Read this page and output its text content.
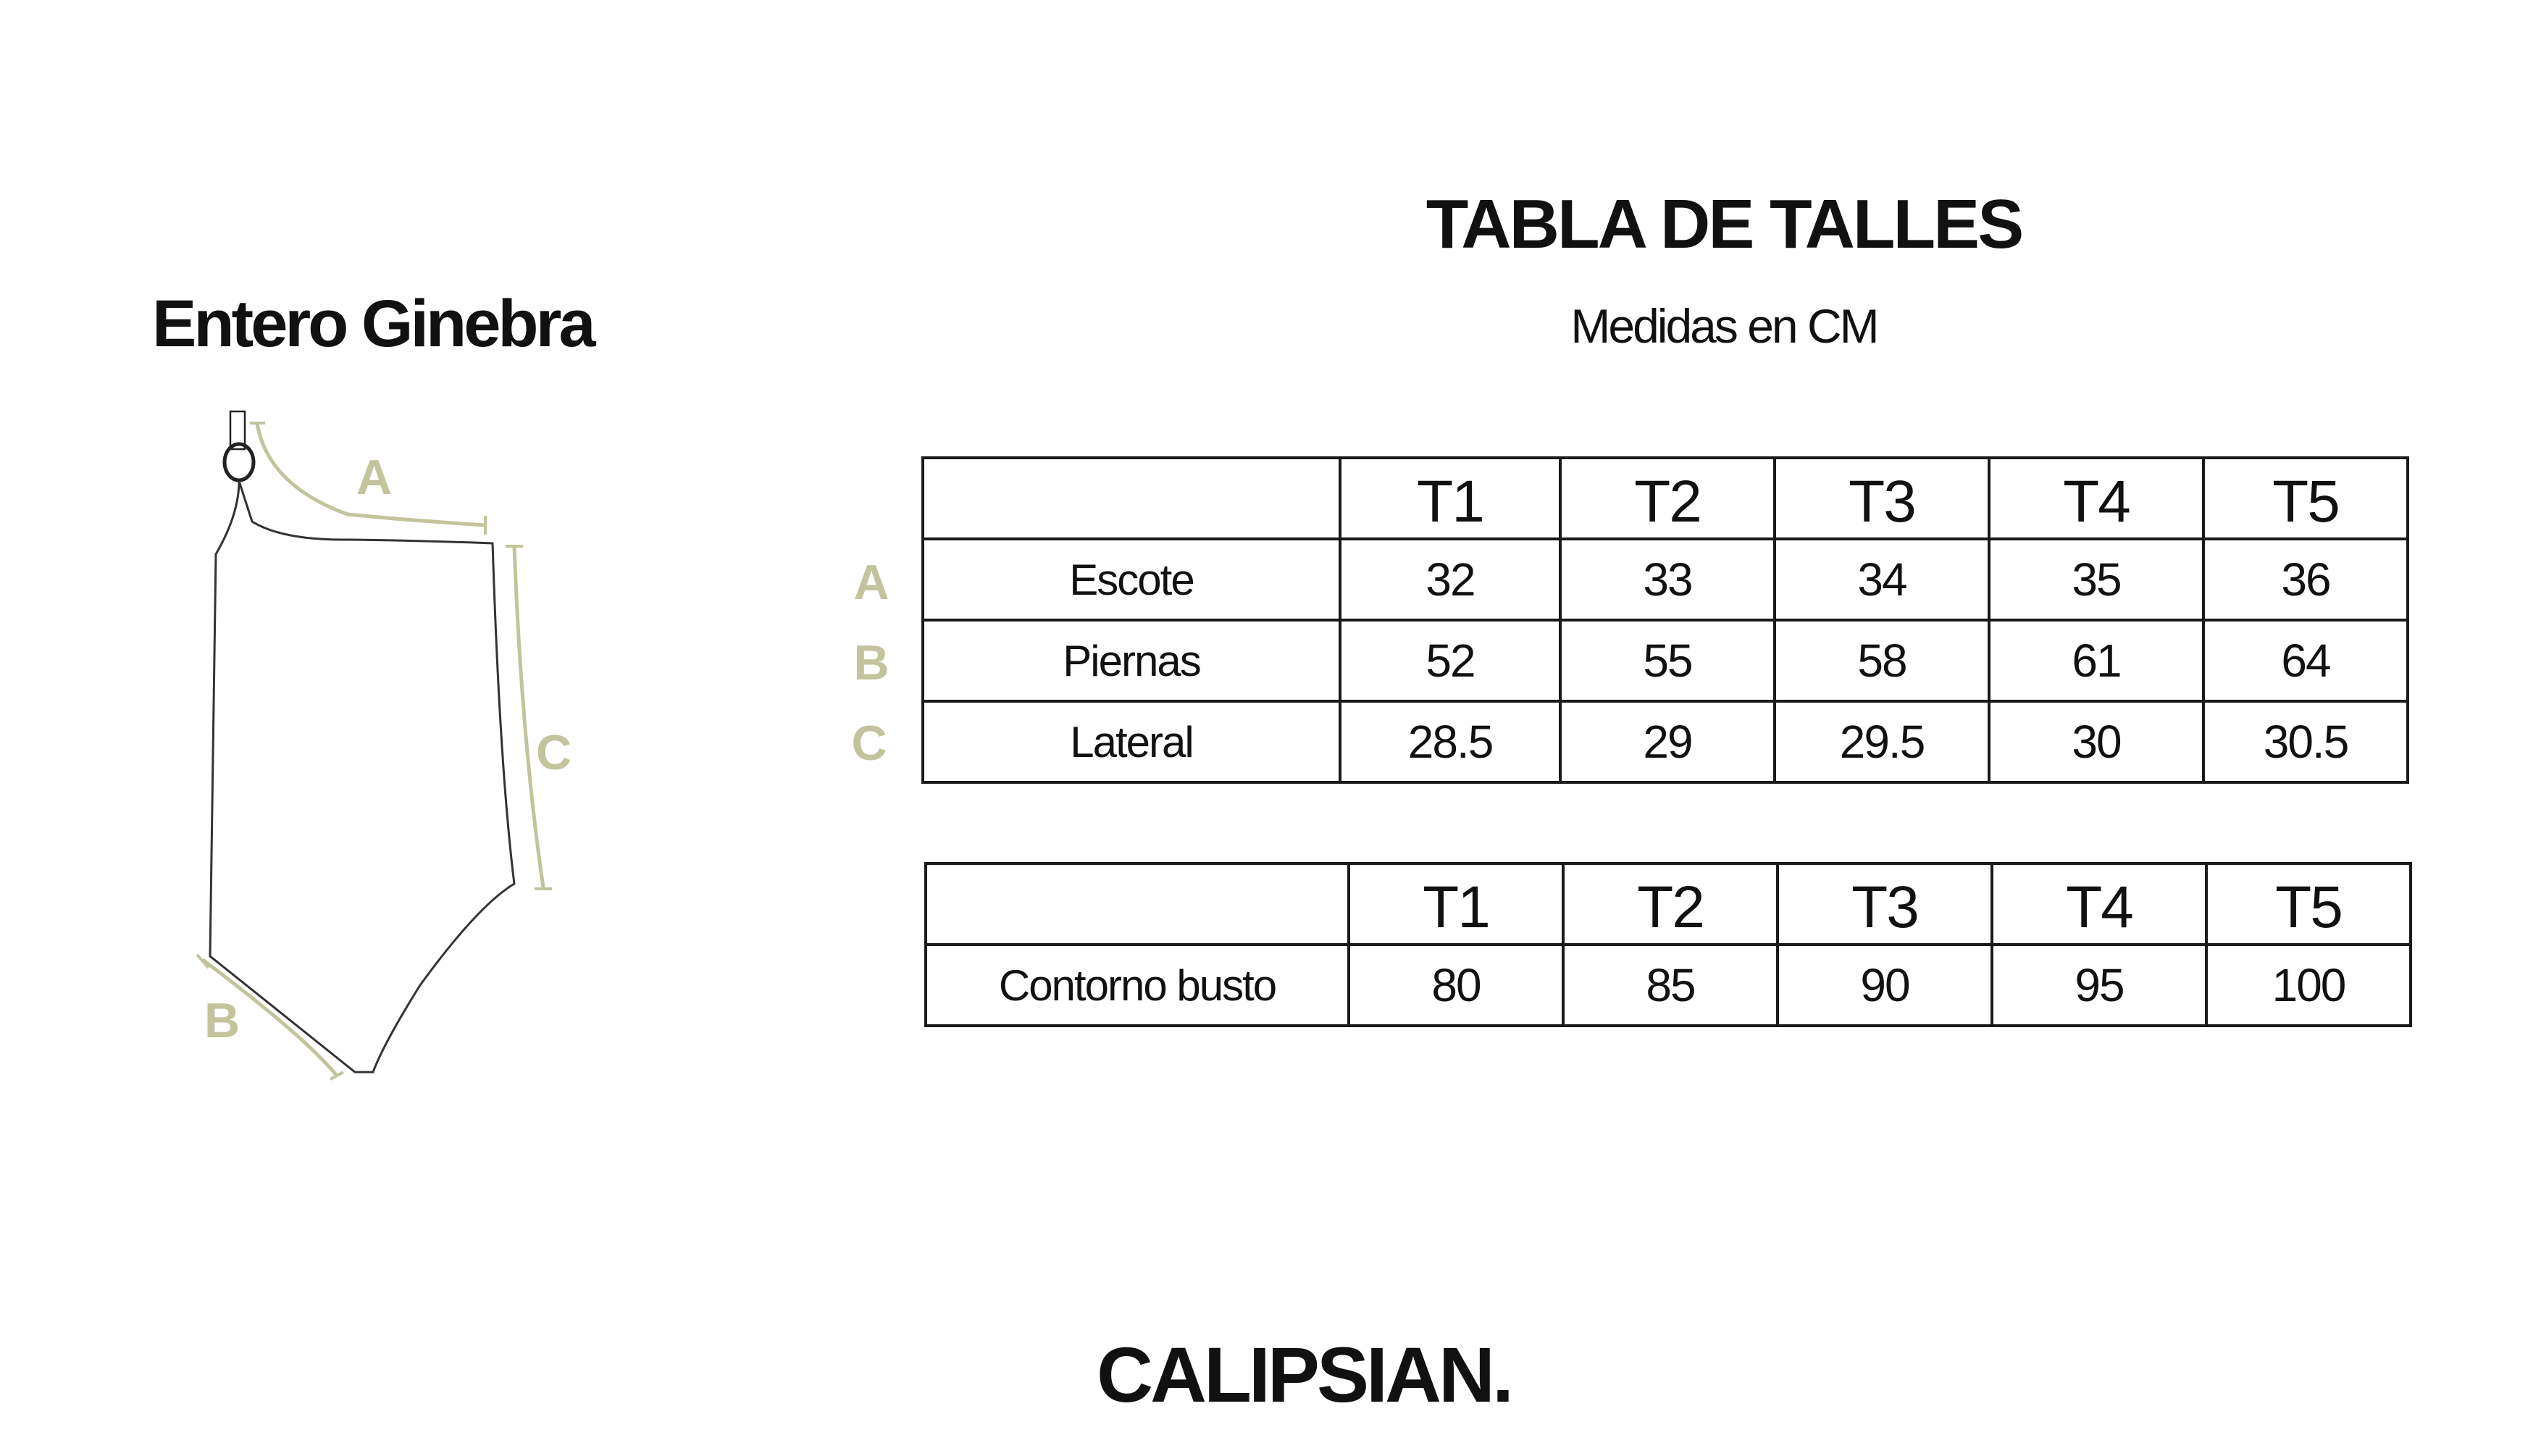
Entero Ginebra
A
C
B
TABLA DE TALLES
Medidas en CM
A
B
C
	T1	T2	T3	T4	T5
Escote	32	33	34	35	36
Piernas	52	55	58	61	64
Lateral	28.5	29	29.5	30	30.5
	T1	T2	T3	T4	T5
Contorno busto	80	85	90	95	100
CALIPSIAN.
